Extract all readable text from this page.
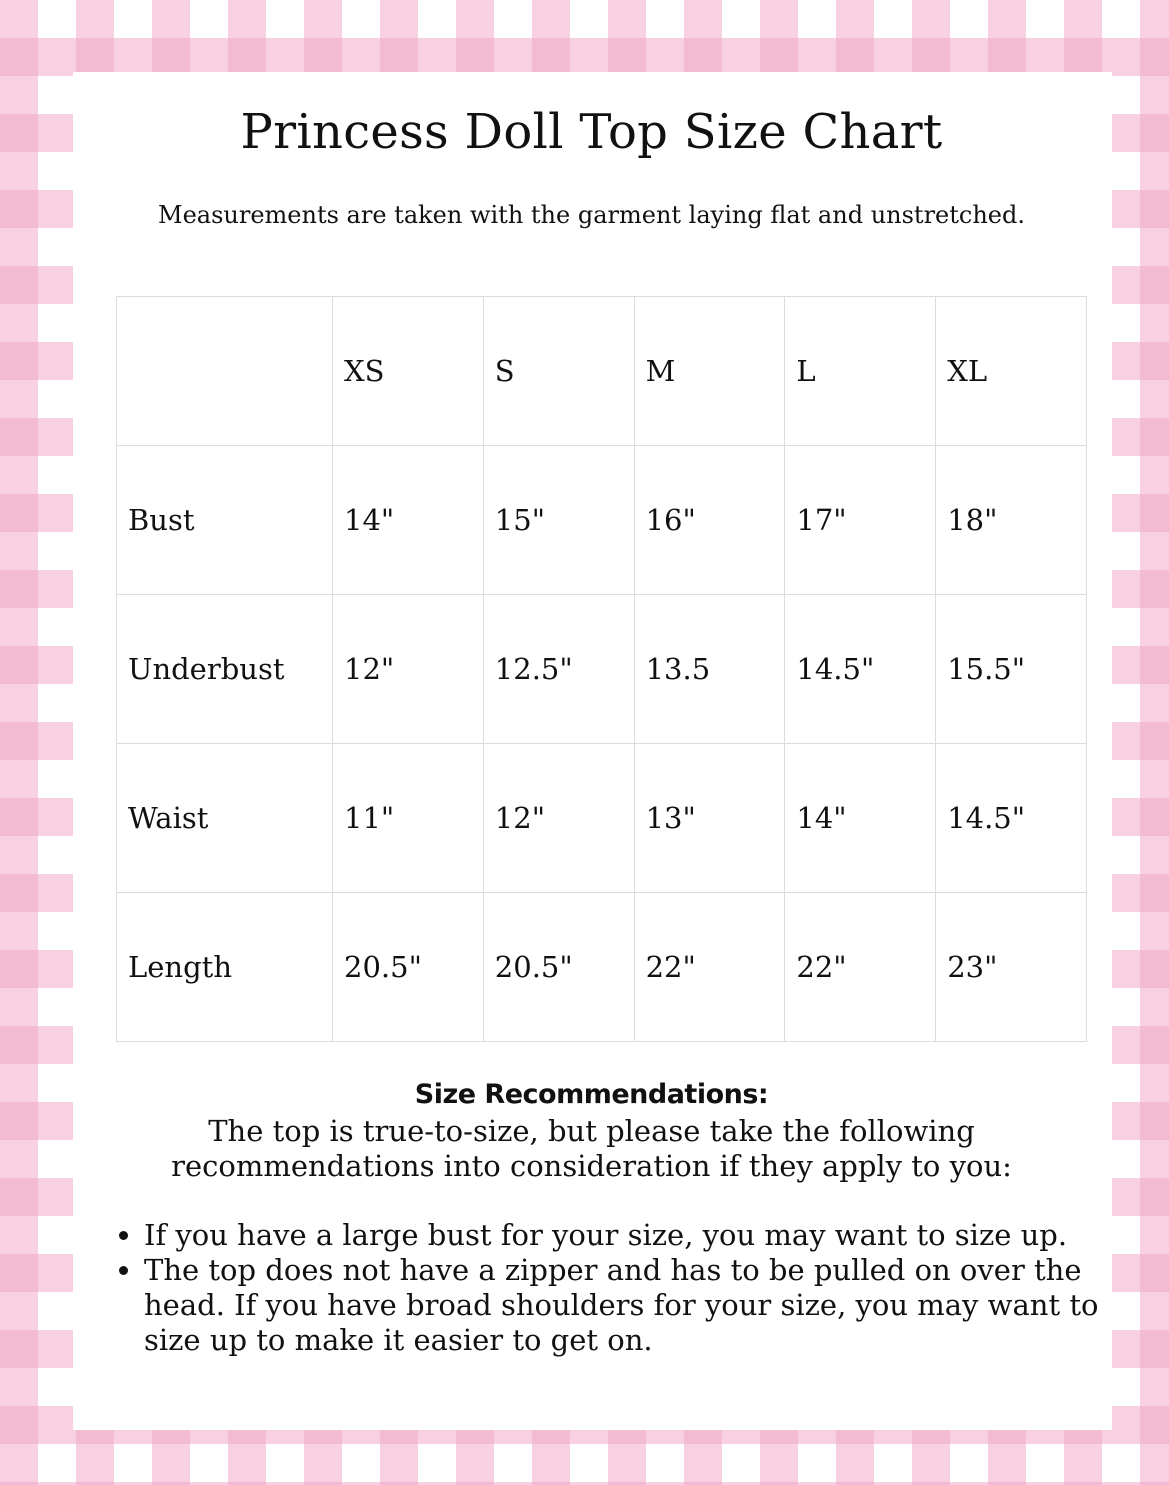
Princess Doll Top Size Chart

Measurements are taken with the garment laying flat and unstretched.

	XS	S	M	L	XL
Bust	14"	15"	16"	17"	18"
Underbust	12"	12.5"	13.5	14.5"	15.5"
Waist	11"	12"	13"	14"	14.5"
Length	20.5"	20.5"	22"	22"	23"
Size Recommendations:
The top is true-to-size, but please take the following recommendations into consideration if they apply to you:
• If you have a large bust for your size, you may want to size up.
• The top does not have a zipper and has to be pulled on over the head. If you have broad shoulders for your size, you may want to size up to make it easier to get on.
